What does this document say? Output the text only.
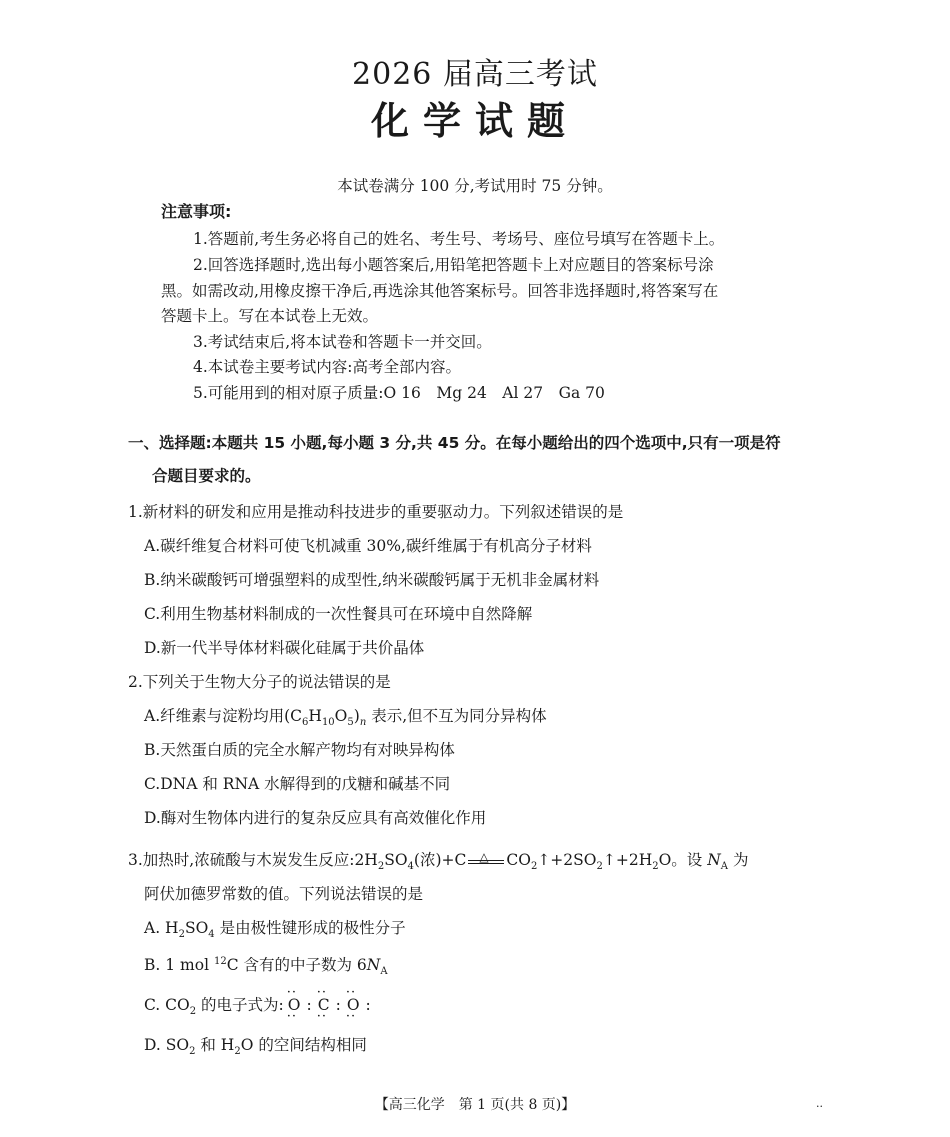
2026 届高三考试
化学试题
本试卷满分 100 分,考试用时 75 分钟。
注意事项:
1.答题前,考生务必将自己的姓名、考生号、考场号、座位号填写在答题卡上。
2.回答选择题时,选出每小题答案后,用铅笔把答题卡上对应题目的答案标号涂
黑。如需改动,用橡皮擦干净后,再选涂其他答案标号。回答非选择题时,将答案写在
答题卡上。写在本试卷上无效。
3.考试结束后,将本试卷和答题卡一并交回。
4.本试卷主要考试内容:高考全部内容。
5.可能用到的相对原子质量:O 16　Mg 24　Al 27　Ga 70
一、选择题:本题共 15 小题,每小题 3 分,共 45 分。在每小题给出的四个选项中,只有一项是符
合题目要求的。
1.新材料的研发和应用是推动科技进步的重要驱动力。下列叙述错误的是
A.碳纤维复合材料可使飞机减重 30%,碳纤维属于有机高分子材料
B.纳米碳酸钙可增强塑料的成型性,纳米碳酸钙属于无机非金属材料
C.利用生物基材料制成的一次性餐具可在环境中自然降解
D.新一代半导体材料碳化硅属于共价晶体
2.下列关于生物大分子的说法错误的是
A.纤维素与淀粉均用$(C_6H_{10}O_5)_n$ 表示,但不互为同分异构体
B.天然蛋白质的完全水解产物均有对映异构体
C.DNA 和 RNA 水解得到的戊糖和碱基不同
D.酶对生物体内进行的复杂反应具有高效催化作用
3.加热时,浓硫酸与木炭发生反应$:2H_2SO_4$(浓)+C △ $CO_2↑+2SO_2↑+2H_2O$。设 $N_A$ 为
阿伏加德罗常数的值。下列说法错误的是
A. $H_2SO_4$ 是由极性键形成的极性分子
B. 1 mol $^{12}$C 含有的中子数为 $6N_A$
C. $CO_2$ 的电子式为: ·· O ·· : ·· C ·· : ·· O ·· :
D. $SO_2$ 和 $H_2O$ 的空间结构相同
【高三化学　第 1 页(共 8 页)】	··
